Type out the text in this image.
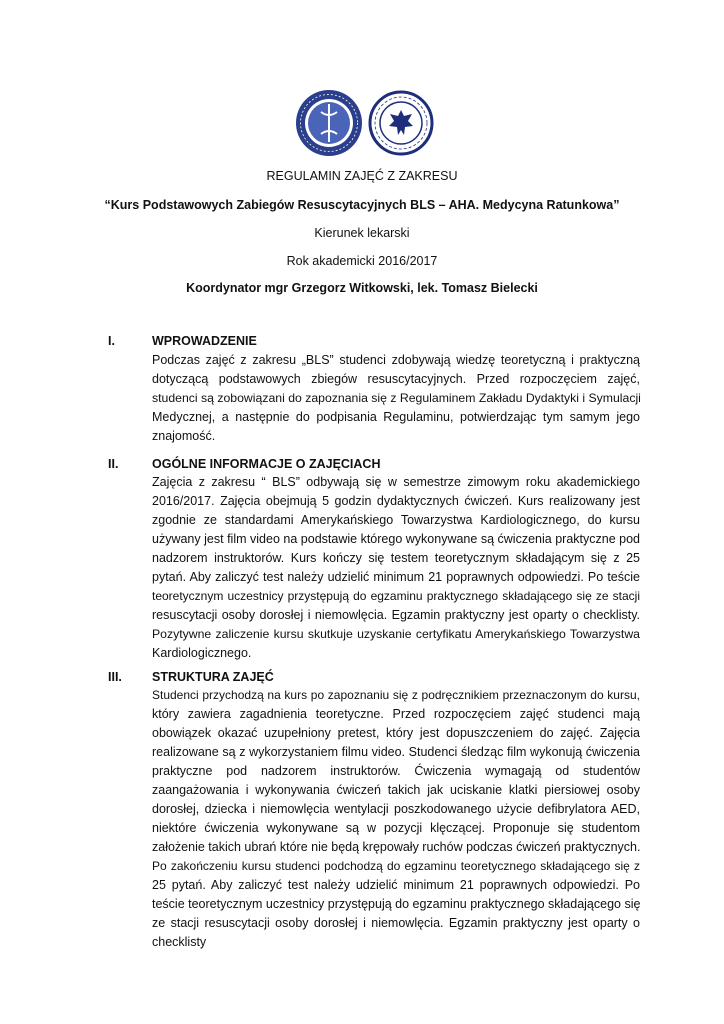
REGULAMIN ZAJĘĆ Z ZAKRESU
“Kurs Podstawowych Zabiegów Resuscytacyjnych BLS – AHA. Medycyna Ratunkowa”
Kierunek lekarski
Rok akademicki 2016/2017
Koordynator mgr Grzegorz Witkowski, lek. Tomasz Bielecki
I.	WPROWADZENIE
Podczas zajęć z zakresu „BLS” studenci zdobywają wiedzę teoretyczną i praktyczną
dotyczącą podstawowych zbiegów resuscytacyjnych. Przed rozpoczęciem zajęć,
studenci są zobowiązani do zapoznania się z Regulaminem Zakładu Dydaktyki i Symulacji
Medycznej, a następnie do podpisania Regulaminu, potwierdzając tym samym jego
znajomość.
II.	OGÓLNE INFORMACJE O ZAJĘCIACH
Zajęcia z zakresu “ BLS” odbywają się w semestrze zimowym roku akademickiego
2016/2017. Zajęcia obejmują 5 godzin dydaktycznych ćwiczeń. Kurs realizowany jest
zgodnie ze standardami Amerykańskiego Towarzystwa Kardiologicznego, do kursu
używany jest film video na podstawie którego wykonywane są ćwiczenia praktyczne pod
nadzorem instruktorów. Kurs kończy się testem teoretycznym składającym się z 25
pytań. Aby zaliczyć test należy udzielić minimum 21 poprawnych odpowiedzi. Po teście
teoretycznym uczestnicy przystępują do egzaminu praktycznego składającego się ze stacji
resuscytacji osoby dorosłej i niemowlęcia. Egzamin praktyczny jest oparty o checklisty.
Pozytywne zaliczenie kursu skutkuje uzyskanie certyfikatu Amerykańskiego Towarzystwa
Kardiologicznego.
III. STRUKTURA ZAJĘĆ
Studenci przychodzą na kurs po zapoznaniu się z podręcznikiem przeznaczonym do kursu,
który zawiera zagadnienia teoretyczne. Przed rozpoczęciem zajęć studenci mają
obowiązek okazać uzupełniony pretest, który jest dopuszczeniem do zajęć. Zajęcia
realizowane są z wykorzystaniem filmu video. Studenci śledząc film wykonują ćwiczenia
praktyczne pod nadzorem instruktorów. Ćwiczenia wymagają od studentów
zaangażowania i wykonywania ćwiczeń takich jak uciskanie klatki piersiowej osoby
dorosłej, dziecka i niemowlęcia wentylacji poszkodowanego użycie defibrylatora AED,
niektóre ćwiczenia wykonywane są w pozycji klęczącej. Proponuje się studentom
założenie takich ubrań które nie będą krępowały ruchów podczas ćwiczeń praktycznych.
Po zakończeniu kursu studenci podchodzą do egzaminu teoretycznego składającego się z
25 pytań. Aby zaliczyć test należy udzielić minimum 21 poprawnych odpowiedzi. Po
teście teoretycznym uczestnicy przystępują do egzaminu praktycznego składającego się
ze stacji resuscytacji osoby dorosłej i niemowlęcia. Egzamin praktyczny jest oparty o
checklisty
